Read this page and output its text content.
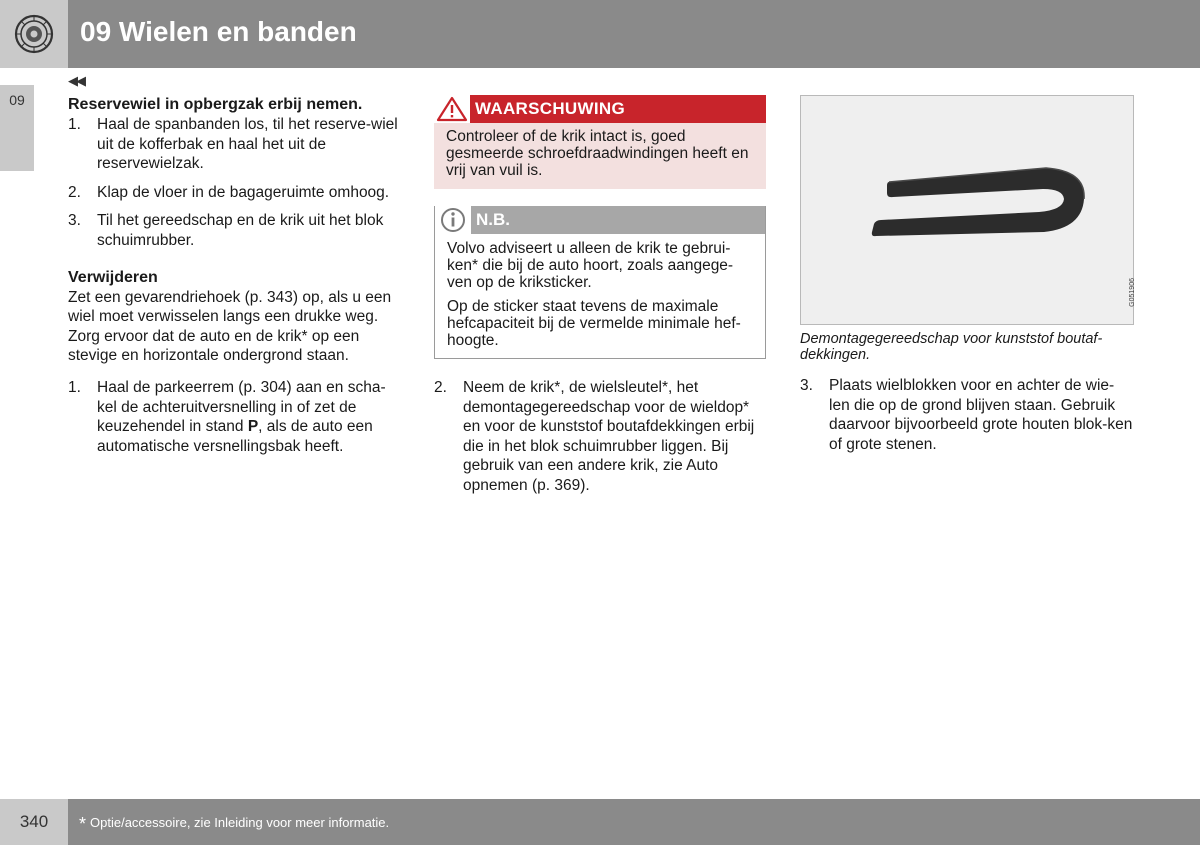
09 Wielen en banden
09
◀◀

Reservewiel in opbergzak erbij nemen.

1. Haal de spanbanden los, til het reserve-wiel uit de kofferbak en haal het uit de reservewielzak.
2. Klap de vloer in de bagageruimte omhoog.
3. Til het gereedschap en de krik uit het blok schuimrubber.

Verwijderen

Zet een gevarendriehoek (p. 343) op, als u een wiel moet verwisselen langs een drukke weg. Zorg ervoor dat de auto en de krik* op een stevige en horizontale ondergrond staan.

1. Haal de parkeerrem (p. 304) aan en scha-kel de achteruitversnelling in of zet de keuzehendel in stand P, als de auto een automatische versnellingsbak heeft.
WAARSCHUWING
Controleer of de krik intact is, goed gesmeerde schroefdraadwindingen heeft en vrij van vuil is.
N.B.

Volvo adviseert u alleen de krik te gebrui-ken* die bij de auto hoort, zoals aangege-ven op de kriksticker.

Op de sticker staat tevens de maximale hefcapaciteit bij de vermelde minimale hef-hoogte.

2. Neem de krik*, de wielsleutel*, het demontagegereedschap voor de wieldop* en voor de kunststof boutafdekkingen erbij die in het blok schuimrubber liggen. Bij gebruik van een andere krik, zie Auto opnemen (p. 369).
G051906

Demontagegereedschap voor kunststof boutaf-dekkingen.

3. Plaats wielblokken voor en achter de wie-len die op de grond blijven staan. Gebruik daarvoor bijvoorbeeld grote houten blok-ken of grote stenen.
340	* Optie/accessoire, zie Inleiding voor meer informatie.
